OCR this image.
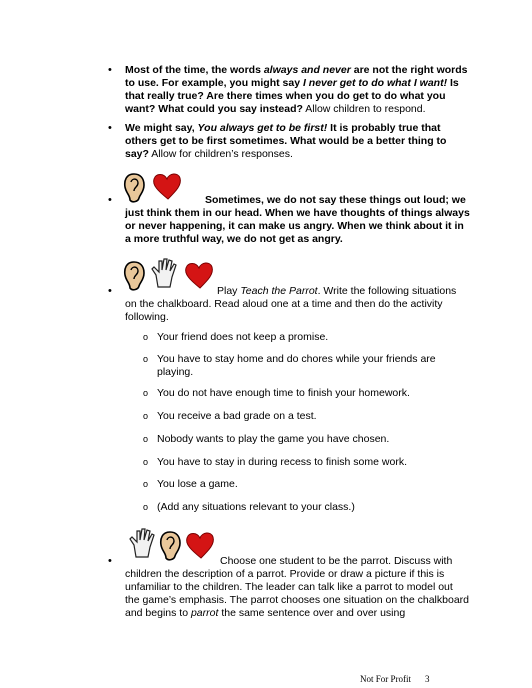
• Most of the time, the words always and never are not the right words to use. For example, you might say I never get to do what I want! Is that really true? Are there times when you do get to do what you want? What could you say instead? Allow children to respond.
• We might say, You always get to be first! It is probably true that others get to be first sometimes. What would be a better thing to say? Allow for children’s responses.
•	Sometimes, we do not say these things out loud; we just think them in our head. When we have thoughts of things always or never happening, it can make us angry. When we think about it in a more truthful way, we do not get as angry.
•	Play Teach the Parrot. Write the following situations on the chalkboard. Read aloud one at a time and then do the activity following.
oYour friend does not keep a promise.
o You have to stay home and do chores while your friends are playing.
o You do not have enough time to finish your homework.
o You receive a bad grade on a test.
o Nobody wants to play the game you have chosen.
o You have to stay in during recess to finish some work.
o You lose a game.
o (Add any situations relevant to your class.)
•	Choose one student to be the parrot. Discuss with children the description of a parrot. Provide or draw a picture if this is unfamiliar to the children. The leader can talk like a parrot to model out the game’s emphasis. The parrot chooses one situation on the chalkboard and begins to parrot the same sentence over and over using
Not For Profit 3
